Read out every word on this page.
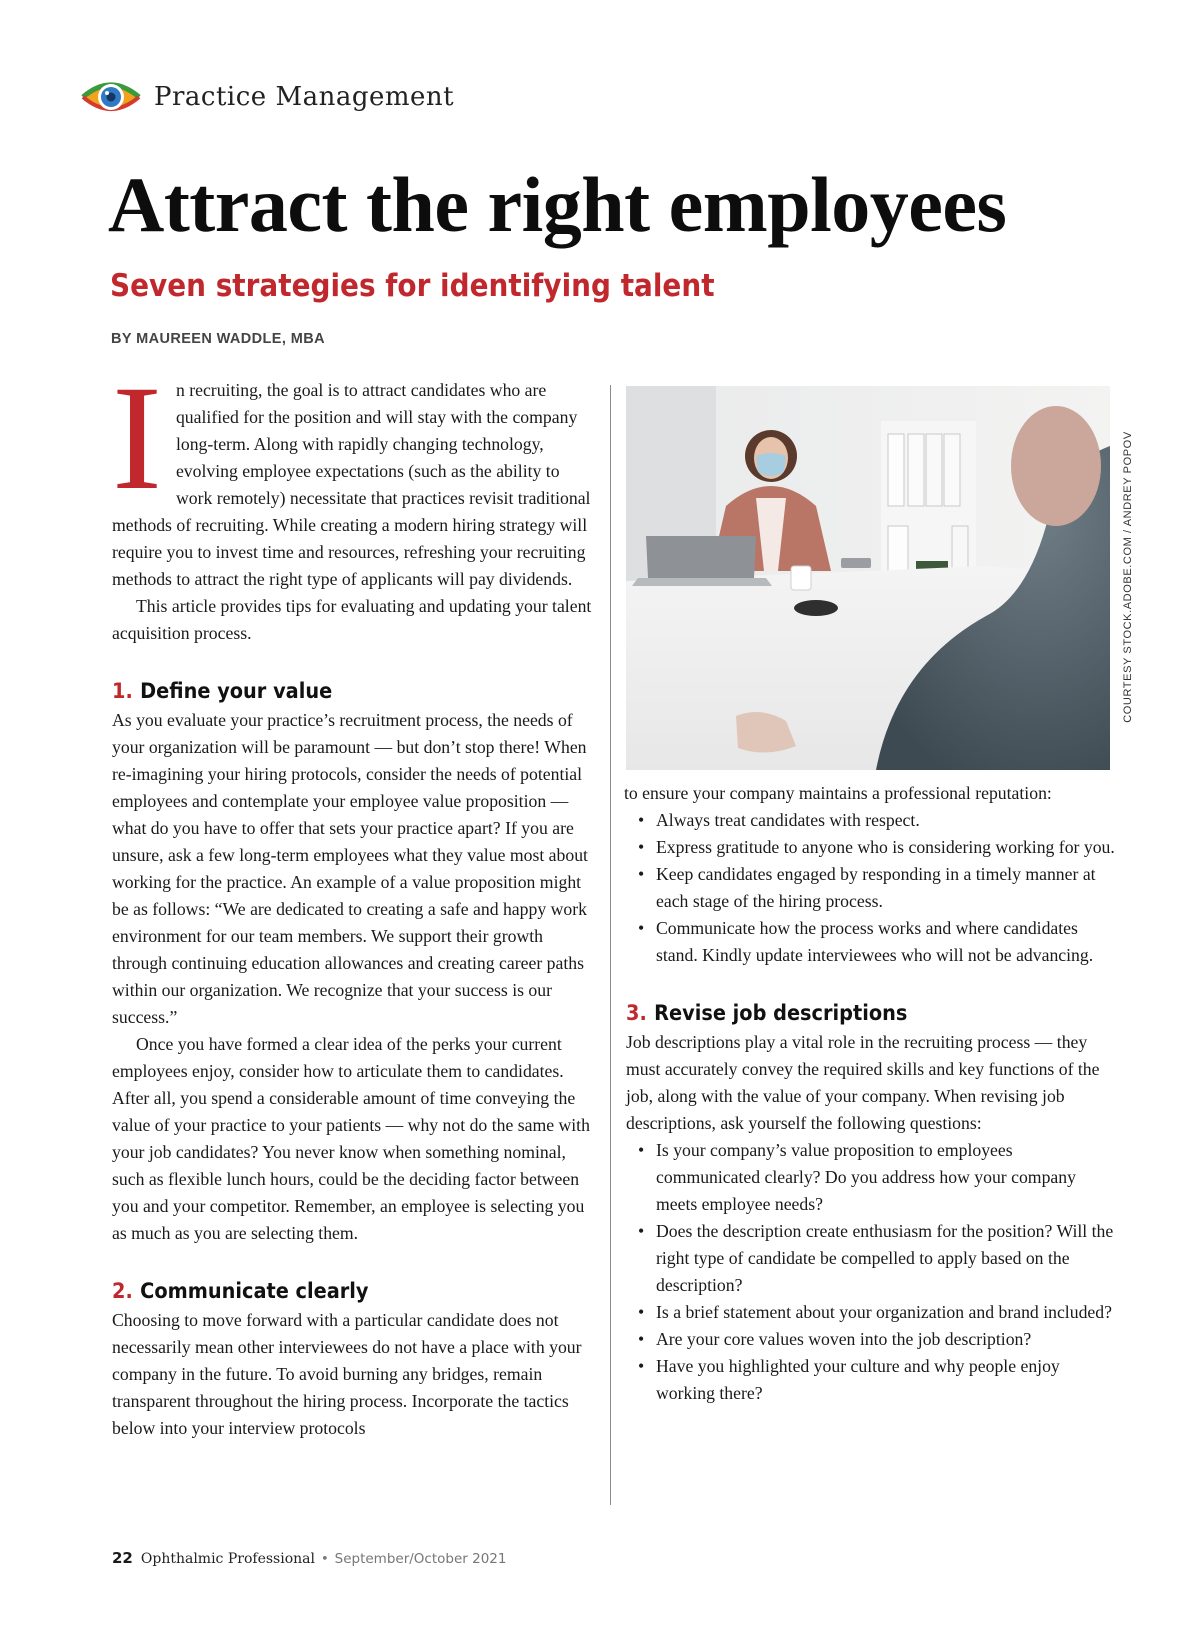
Practice Management
Attract the right employees
Seven strategies for identifying talent
BY MAUREEN WADDLE, MBA

In recruiting, the goal is to attract candidates who are qualified for the position and will stay with the company long-term. Along with rapidly changing technology, evolving employee expectations (such as the ability to work remotely) necessitate that practices revisit traditional methods of recruiting. While creating a modern hiring strategy will require you to invest time and resources, refreshing your recruiting methods to attract the right type of applicants will pay dividends.

This article provides tips for evaluating and updating your talent acquisition process.

1. Define your value

As you evaluate your practice’s recruitment process, the needs of your organization will be paramount — but don’t stop there! When re-imagining your hiring protocols, consider the needs of potential employees and contemplate your employee value proposition — what do you have to offer that sets your practice apart? If you are unsure, ask a few long-term employees what they value most about working for the practice. An example of a value proposition might be as follows: “We are dedicated to creating a safe and happy work environment for our team members. We support their growth through continuing education allowances and creating career paths within our organization. We recognize that your success is our success.”

Once you have formed a clear idea of the perks your current employees enjoy, consider how to articulate them to candidates. After all, you spend a considerable amount of time conveying the value of your practice to your patients — why not do the same with your job candidates? You never know when something nominal, such as flexible lunch hours, could be the deciding factor between you and your competitor. Remember, an employee is selecting you as much as you are selecting them.

2. Communicate clearly

Choosing to move forward with a particular candidate does not necessarily mean other interviewees do not have a place with your company in the future. To avoid burning any bridges, remain transparent throughout the hiring process. Incorporate the tactics below into your interview protocols

to ensure your company maintains a professional reputation:

• Always treat candidates with respect.
• Express gratitude to anyone who is considering working for you.
• Keep candidates engaged by responding in a timely manner at each stage of the hiring process.
• Communicate how the process works and where candidates stand. Kindly update interviewees who will not be advancing.
3. Revise job descriptions

Job descriptions play a vital role in the recruiting process — they must accurately convey the required skills and key functions of the job, along with the value of your company. When revising job descriptions, ask yourself the following questions:

• Is your company’s value proposition to employees communicated clearly? Do you address how your company meets employee needs?
• Does the description create enthusiasm for the position? Will the right type of candidate be compelled to apply based on the description?
• Is a brief statement about your organization and brand included?
• Are your core values woven into the job description?
• Have you highlighted your culture and why people enjoy working there?
COURTESY STOCK.ADOBE.COM / ANDREY POPOV
22 Ophthalmic Professional • September/October 2021
